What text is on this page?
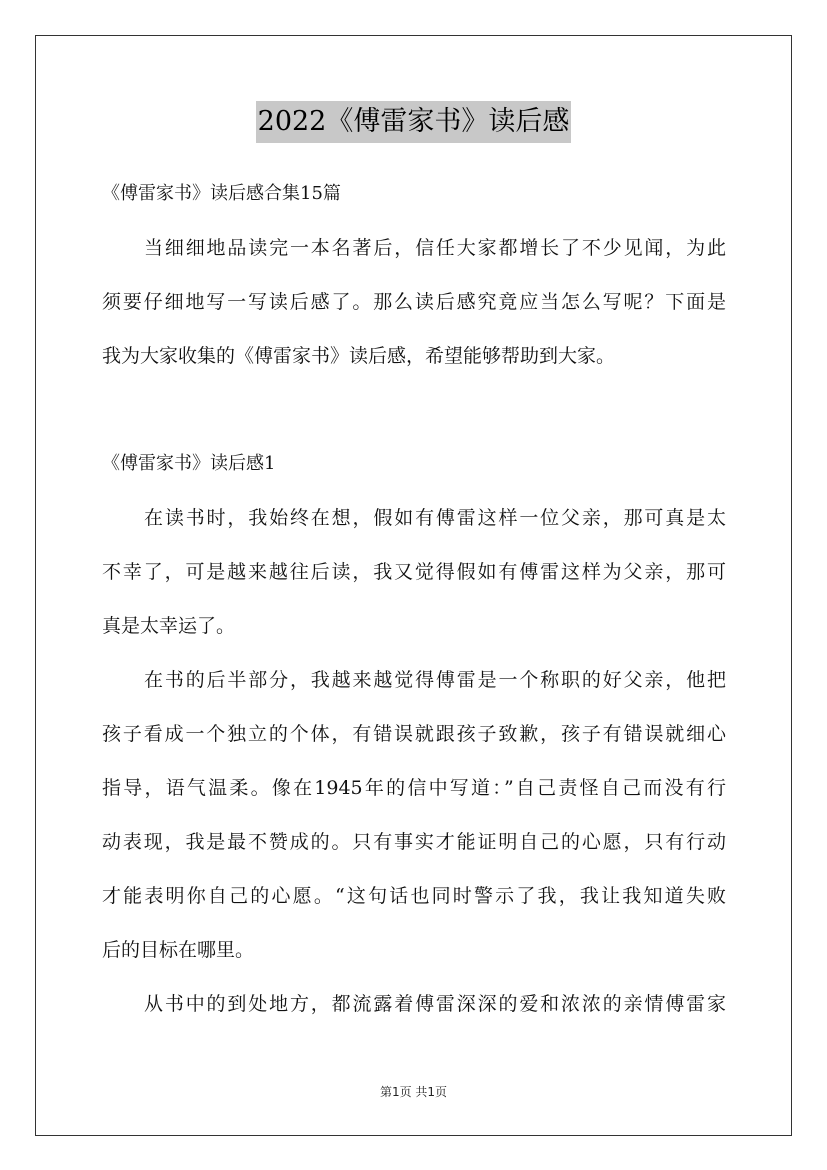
2022《傅雷家书》读后感
《傅雷家书》读后感合集15篇
当细细地品读完一本名著后，信任大家都增长了不少见闻，为此
须要仔细地写一写读后感了。那么读后感究竟应当怎么写呢？下面是
我为大家收集的《傅雷家书》读后感，希望能够帮助到大家。
《傅雷家书》读后感1
在读书时，我始终在想，假如有傅雷这样一位父亲，那可真是太
不幸了，可是越来越往后读，我又觉得假如有傅雷这样为父亲，那可
真是太幸运了。
在书的后半部分，我越来越觉得傅雷是一个称职的好父亲，他把
孩子看成一个独立的个体，有错误就跟孩子致歉，孩子有错误就细心
指导，语气温柔。像在1945年的信中写道：”自己责怪自己而没有行
动表现，我是最不赞成的。只有事实才能证明自己的心愿，只有行动
才能表明你自己的心愿。“这句话也同时警示了我，我让我知道失败
后的目标在哪里。
从书中的到处地方，都流露着傅雷深深的爱和浓浓的亲情傅雷家
第1页 共1页
